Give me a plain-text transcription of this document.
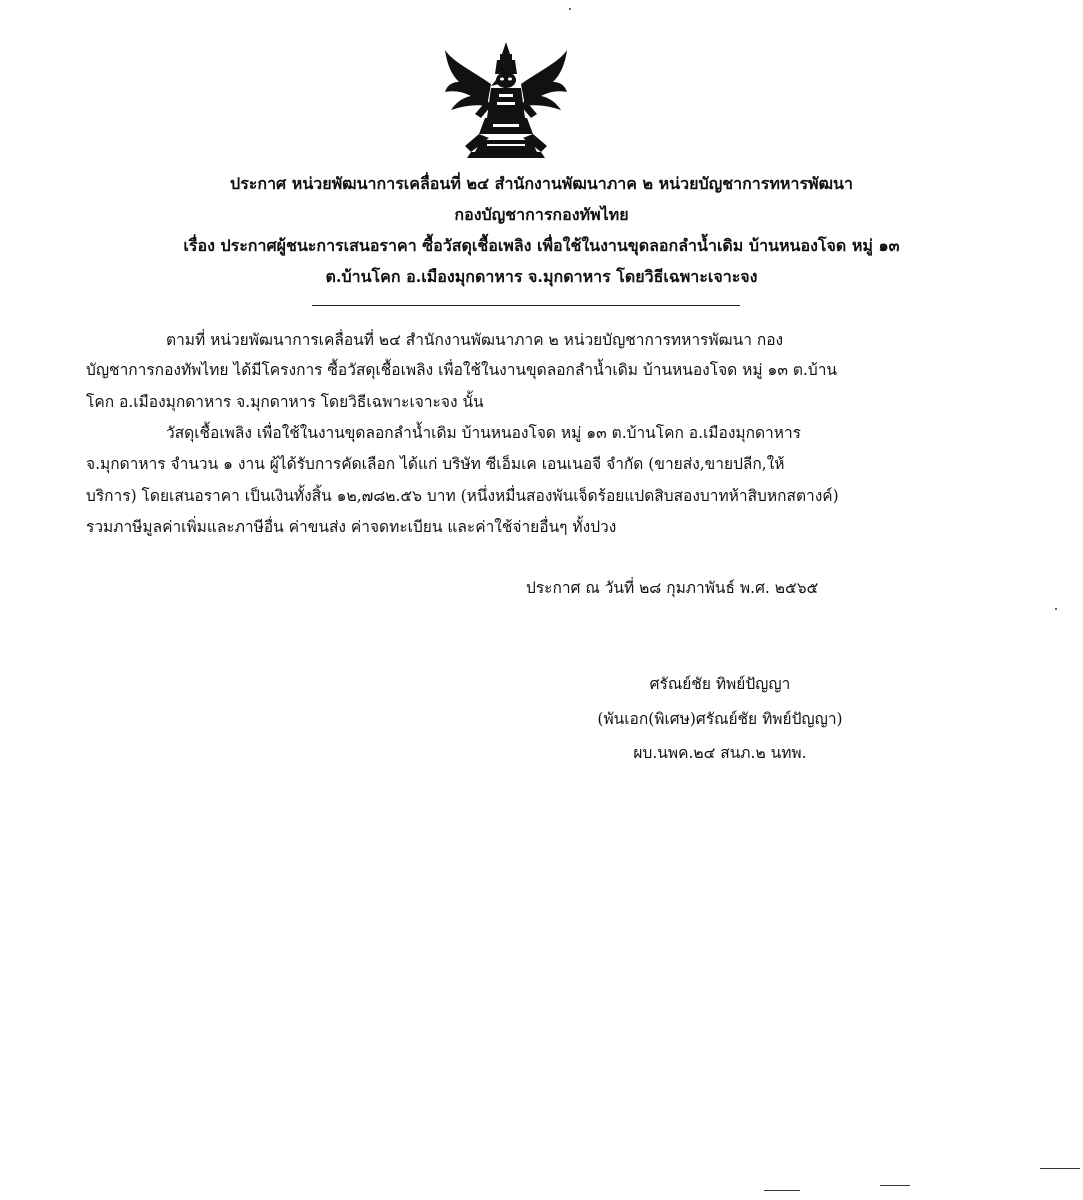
ประกาศ หน่วยพัฒนาการเคลื่อนที่ ๒๔ สำนักงานพัฒนาภาค ๒ หน่วยบัญชาการทหารพัฒนา
กองบัญชาการกองทัพไทย
เรื่อง ประกาศผู้ชนะการเสนอราคา ซื้อวัสดุเชื้อเพลิง เพื่อใช้ในงานขุดลอกลำน้ำเดิม บ้านหนองโจด หมู่ ๑๓
ต.บ้านโคก อ.เมืองมุกดาหาร จ.มุกดาหาร โดยวิธีเฉพาะเจาะจง
ตามที่ หน่วยพัฒนาการเคลื่อนที่ ๒๔ สำนักงานพัฒนาภาค ๒ หน่วยบัญชาการทหารพัฒนา กอง
บัญชาการกองทัพไทย ได้มีโครงการ ซื้อวัสดุเชื้อเพลิง เพื่อใช้ในงานขุดลอกลำน้ำเดิม บ้านหนองโจด หมู่ ๑๓ ต.บ้าน
โคก อ.เมืองมุกดาหาร จ.มุกดาหาร โดยวิธีเฉพาะเจาะจง นั้น
วัสดุเชื้อเพลิง เพื่อใช้ในงานขุดลอกลำน้ำเดิม บ้านหนองโจด หมู่ ๑๓ ต.บ้านโคก อ.เมืองมุกดาหาร
จ.มุกดาหาร จำนวน ๑ งาน ผู้ได้รับการคัดเลือก ได้แก่ บริษัท ซีเอ็มเค เอนเนอจี จำกัด (ขายส่ง,ขายปลีก,ให้
บริการ) โดยเสนอราคา เป็นเงินทั้งสิ้น ๑๒,๗๘๒.๕๖ บาท (หนึ่งหมื่นสองพันเจ็ดร้อยแปดสิบสองบาทห้าสิบหกสตางค์)
รวมภาษีมูลค่าเพิ่มและภาษีอื่น ค่าขนส่ง ค่าจดทะเบียน และค่าใช้จ่ายอื่นๆ ทั้งปวง
ประกาศ ณ วันที่ ๒๘ กุมภาพันธ์ พ.ศ. ๒๕๖๕
ศรัณย์ชัย ทิพย์ปัญญา
(พันเอก(พิเศษ)ศรัณย์ชัย ทิพย์ปัญญา)
ผบ.นพค.๒๔ สนภ.๒ นทพ.
